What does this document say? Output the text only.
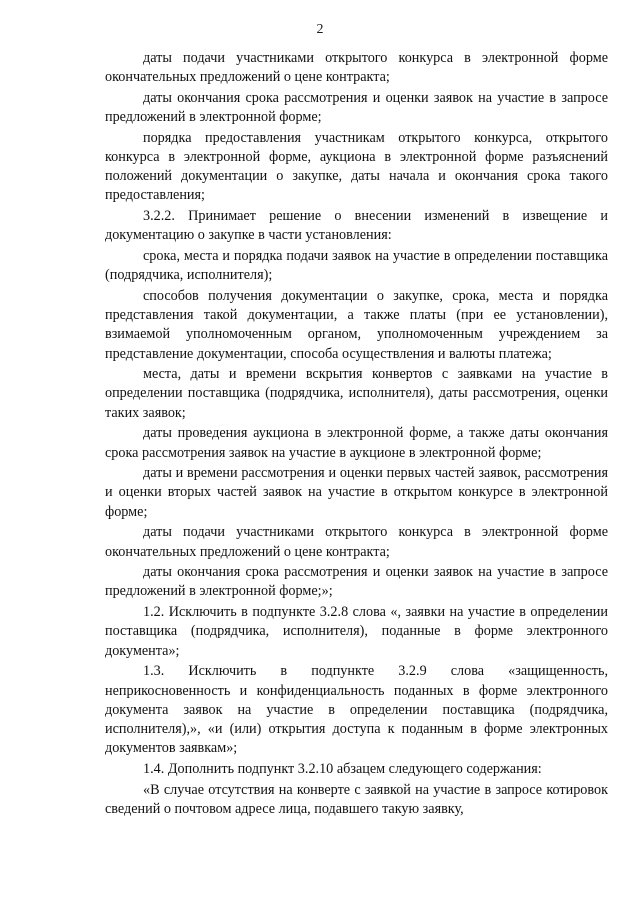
2

даты подачи участниками открытого конкурса в электронной форме окончательных предложений о цене контракта;

даты окончания срока рассмотрения и оценки заявок на участие в запросе предложений в электронной форме;

порядка предоставления участникам открытого конкурса, открытого конкурса в электронной форме, аукциона в электронной форме разъяснений положений документации о закупке, даты начала и окончания срока такого предоставления;

3.2.2. Принимает решение о внесении изменений в извещение и документацию о закупке в части установления:

срока, места и порядка подачи заявок на участие в определении поставщика (подрядчика, исполнителя);

способов получения документации о закупке, срока, места и порядка представления такой документации, а также платы (при ее установлении), взимаемой уполномоченным органом, уполномоченным учреждением за представление документации, способа осуществления и валюты платежа;

места, даты и времени вскрытия конвертов с заявками на участие в определении поставщика (подрядчика, исполнителя), даты рассмотрения, оценки таких заявок;

даты проведения аукциона в электронной форме, а также даты окончания срока рассмотрения заявок на участие в аукционе в электронной форме;

даты и времени рассмотрения и оценки первых частей заявок, рассмотрения и оценки вторых частей заявок на участие в открытом конкурсе в электронной форме;

даты подачи участниками открытого конкурса в электронной форме окончательных предложений о цене контракта;

даты окончания срока рассмотрения и оценки заявок на участие в запросе предложений в электронной форме;»;

1.2. Исключить в подпункте 3.2.8 слова «, заявки на участие в определении поставщика (подрядчика, исполнителя), поданные в форме электронного документа»;

1.3. Исключить в подпункте 3.2.9 слова «защищенность, неприкосновенность и конфиденциальность поданных в форме электронного документа заявок на участие в определении поставщика (подрядчика, исполнителя),», «и (или) открытия доступа к поданным в форме электронных документов заявкам»;

1.4. Дополнить подпункт 3.2.10 абзацем следующего содержания:

«В случае отсутствия на конверте с заявкой на участие в запросе котировок сведений о почтовом адресе лица, подавшего такую заявку,
